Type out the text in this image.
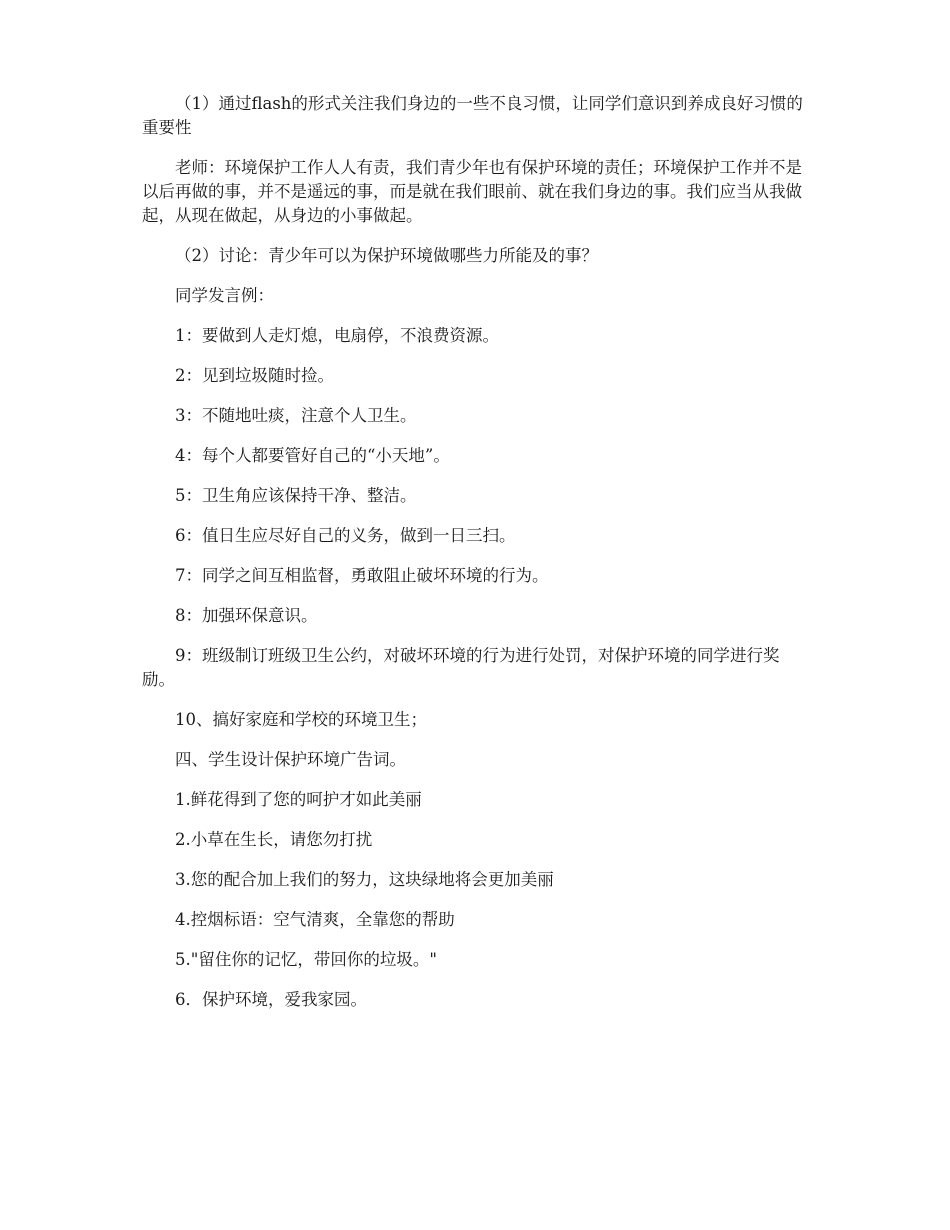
（1）通过flash的形式关注我们身边的一些不良习惯，让同学们意识到养成良好习惯的重要性

老师：环境保护工作人人有责，我们青少年也有保护环境的责任；环境保护工作并不是以后再做的事，并不是遥远的事，而是就在我们眼前、就在我们身边的事。我们应当从我做起，从现在做起，从身边的小事做起。

（2）讨论：青少年可以为保护环境做哪些力所能及的事？

同学发言例：

1：要做到人走灯熄，电扇停，不浪费资源。

2：见到垃圾随时捡。

3：不随地吐痰，注意个人卫生。

4：每个人都要管好自己的“小天地”。

5：卫生角应该保持干净、整洁。

6：值日生应尽好自己的义务，做到一日三扫。

7：同学之间互相监督，勇敢阻止破坏环境的行为。

8：加强环保意识。

9：班级制订班级卫生公约，对破坏环境的行为进行处罚，对保护环境的同学进行奖励。

10、搞好家庭和学校的环境卫生；

四、学生设计保护环境广告词。

1.鲜花得到了您的呵护才如此美丽

2.小草在生长，请您勿打扰

3.您的配合加上我们的努力，这块绿地将会更加美丽

4.控烟标语：空气清爽，全靠您的帮助

5."留住你的记忆，带回你的垃圾。"

6．保护环境，爱我家园。
